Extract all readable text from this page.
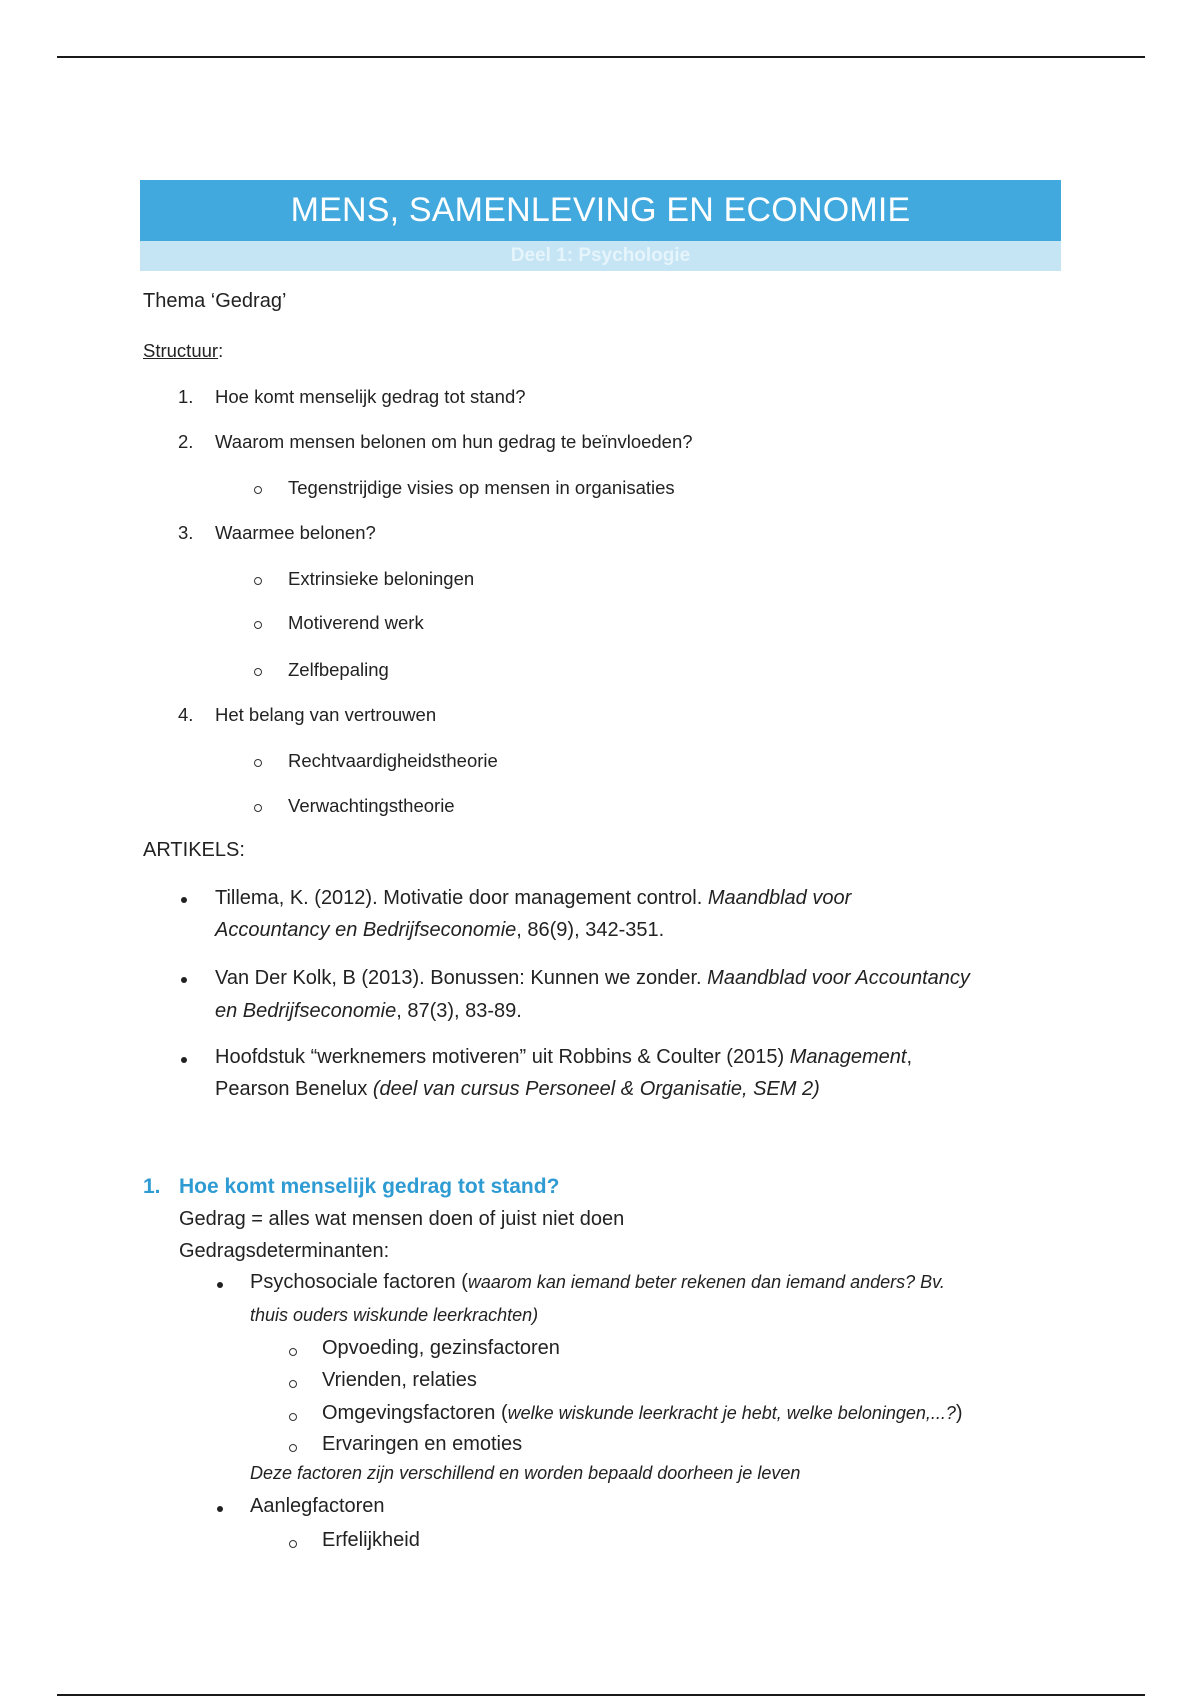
MENS, SAMENLEVING EN ECONOMIE
Deel 1: Psychologie
Thema ‘Gedrag’
Structuur:
1. Hoe komt menselijk gedrag tot stand?
2. Waarom mensen belonen om hun gedrag te beïnvloeden?
Tegenstrijdige visies op mensen in organisaties
3. Waarmee belonen?
Extrinsieke beloningen
Motiverend werk
Zelfbepaling
4. Het belang van vertrouwen
Rechtvaardigheidstheorie
Verwachtingstheorie
ARTIKELS:
Tillema, K. (2012). Motivatie door management control. Maandblad voor
Accountancy en Bedrijfseconomie, 86(9), 342-351.
Van Der Kolk, B (2013). Bonussen: Kunnen we zonder. Maandblad voor Accountancy
en Bedrijfseconomie, 87(3), 83-89.
Hoofdstuk “werknemers motiveren” uit Robbins & Coulter (2015) Management,
Pearson Benelux (deel van cursus Personeel & Organisatie, SEM 2)
1. Hoe komt menselijk gedrag tot stand?
Gedrag = alles wat mensen doen of juist niet doen
Gedragsdeterminanten:
Psychosociale factoren (waarom kan iemand beter rekenen dan iemand anders? Bv.
thuis ouders wiskunde leerkrachten)
Opvoeding, gezinsfactoren
Vrienden, relaties
Omgevingsfactoren (welke wiskunde leerkracht je hebt, welke beloningen,...?)
Ervaringen en emoties
Deze factoren zijn verschillend en worden bepaald doorheen je leven
Aanlegfactoren
Erfelijkheid
